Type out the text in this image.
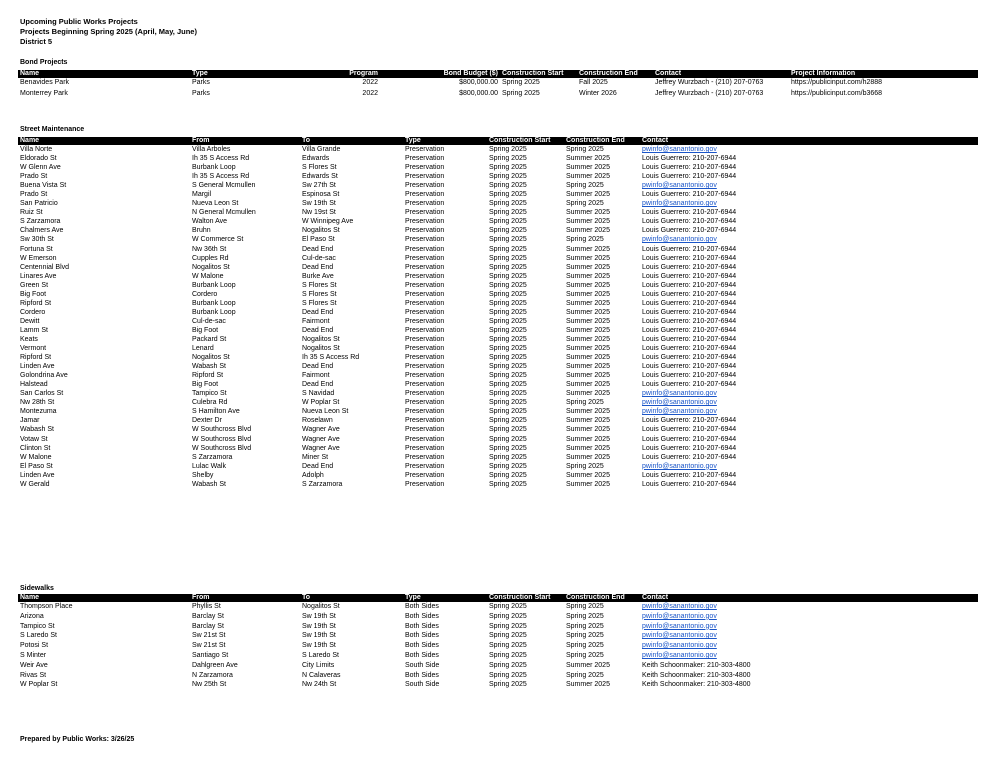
Upcoming Public Works Projects
Projects Beginning Spring 2025 (April, May, June)
District 5
Bond Projects
Name	Type	Program	Bond Budget ($)	Construction Start	Construction End	Contact	Project Information
Benavides Park	Parks	2022	$800,000.00	Spring 2025	Fall 2025	Jeffrey Wurzbach - (210) 207-0763	https://publicinput.com/h2888
Monterrey Park	Parks	2022	$800,000.00	Spring 2025	Winter 2026	Jeffrey Wurzbach - (210) 207-0763	https://publicinput.com/b3668
Street Maintenance
Name	From	To	Type	Construction Start	Construction End	Contact
Villa Norte	Villa Arboles	Villa Grande	Preservation	Spring 2025	Spring 2025	pwinfo@sanantonio.gov
Eldorado St	Ih 35 S Access Rd	Edwards	Preservation	Spring 2025	Summer 2025	Louis Guerrero: 210-207-6944
W Glenn Ave	Burbank Loop	S Flores St	Preservation	Spring 2025	Summer 2025	Louis Guerrero: 210-207-6944
Prado St	Ih 35 S Access Rd	Edwards St	Preservation	Spring 2025	Summer 2025	Louis Guerrero: 210-207-6944
Buena Vista St	S General Mcmullen	Sw 27th St	Preservation	Spring 2025	Spring 2025	pwinfo@sanantonio.gov
Prado St	Margil	Espinosa St	Preservation	Spring 2025	Summer 2025	Louis Guerrero: 210-207-6944
San Patricio	Nueva Leon St	Sw 19th St	Preservation	Spring 2025	Spring 2025	pwinfo@sanantonio.gov
Ruiz St	N General Mcmullen	Nw 19st St	Preservation	Spring 2025	Summer 2025	Louis Guerrero: 210-207-6944
S Zarzamora	Walton Ave	W Winnipeg Ave	Preservation	Spring 2025	Summer 2025	Louis Guerrero: 210-207-6944
Chalmers Ave	Bruhn	Nogalitos St	Preservation	Spring 2025	Summer 2025	Louis Guerrero: 210-207-6944
Sw 30th St	W Commerce St	El Paso St	Preservation	Spring 2025	Spring 2025	pwinfo@sanantonio.gov
Fortuna St	Nw 36th St	Dead End	Preservation	Spring 2025	Summer 2025	Louis Guerrero: 210-207-6944
W Emerson	Cupples Rd	Cul-de-sac	Preservation	Spring 2025	Summer 2025	Louis Guerrero: 210-207-6944
Centennial Blvd	Nogalitos St	Dead End	Preservation	Spring 2025	Summer 2025	Louis Guerrero: 210-207-6944
Linares Ave	W Malone	Burke Ave	Preservation	Spring 2025	Summer 2025	Louis Guerrero: 210-207-6944
Green St	Burbank Loop	S Flores St	Preservation	Spring 2025	Summer 2025	Louis Guerrero: 210-207-6944
Big Foot	Cordero	S Flores St	Preservation	Spring 2025	Summer 2025	Louis Guerrero: 210-207-6944
Ripford St	Burbank Loop	S Flores St	Preservation	Spring 2025	Summer 2025	Louis Guerrero: 210-207-6944
Cordero	Burbank Loop	Dead End	Preservation	Spring 2025	Summer 2025	Louis Guerrero: 210-207-6944
Dewitt	Cul-de-sac	Fairmont	Preservation	Spring 2025	Summer 2025	Louis Guerrero: 210-207-6944
Lamm St	Big Foot	Dead End	Preservation	Spring 2025	Summer 2025	Louis Guerrero: 210-207-6944
Keats	Packard St	Nogalitos St	Preservation	Spring 2025	Summer 2025	Louis Guerrero: 210-207-6944
Vermont	Lenard	Nogalitos St	Preservation	Spring 2025	Summer 2025	Louis Guerrero: 210-207-6944
Ripford St	Nogalitos St	Ih 35 S Access Rd	Preservation	Spring 2025	Summer 2025	Louis Guerrero: 210-207-6944
Linden Ave	Wabash St	Dead End	Preservation	Spring 2025	Summer 2025	Louis Guerrero: 210-207-6944
Golondrina Ave	Ripford St	Fairmont	Preservation	Spring 2025	Summer 2025	Louis Guerrero: 210-207-6944
Halstead	Big Foot	Dead End	Preservation	Spring 2025	Summer 2025	Louis Guerrero: 210-207-6944
San Carlos St	Tampico St	S Navidad	Preservation	Spring 2025	Summer 2025	pwinfo@sanantonio.gov
Nw 28th St	Culebra Rd	W Poplar St	Preservation	Spring 2025	Spring 2025	pwinfo@sanantonio.gov
Montezuma	S Hamilton Ave	Nueva Leon St	Preservation	Spring 2025	Summer 2025	pwinfo@sanantonio.gov
Jamar	Dexter Dr	Roselawn	Preservation	Spring 2025	Summer 2025	Louis Guerrero: 210-207-6944
Wabash St	W Southcross Blvd	Wagner Ave	Preservation	Spring 2025	Summer 2025	Louis Guerrero: 210-207-6944
Votaw St	W Southcross Blvd	Wagner Ave	Preservation	Spring 2025	Summer 2025	Louis Guerrero: 210-207-6944
Clinton St	W Southcross Blvd	Wagner Ave	Preservation	Spring 2025	Summer 2025	Louis Guerrero: 210-207-6944
W Malone	S Zarzamora	Miner St	Preservation	Spring 2025	Summer 2025	Louis Guerrero: 210-207-6944
El Paso St	Lulac Walk	Dead End	Preservation	Spring 2025	Spring 2025	pwinfo@sanantonio.gov
Linden Ave	Shelby	Adolph	Preservation	Spring 2025	Summer 2025	Louis Guerrero: 210-207-6944
W Gerald	Wabash St	S Zarzamora	Preservation	Spring 2025	Summer 2025	Louis Guerrero: 210-207-6944
Sidewalks
Name	From	To	Type	Construction Start	Construction End	Contact
Thompson Place	Phyllis St	Nogalitos St	Both Sides	Spring 2025	Spring 2025	pwinfo@sanantonio.gov
Arizona	Barclay St	Sw 19th St	Both Sides	Spring 2025	Spring 2025	pwinfo@sanantonio.gov
Tampico St	Barclay St	Sw 19th St	Both Sides	Spring 2025	Spring 2025	pwinfo@sanantonio.gov
S Laredo St	Sw 21st St	Sw 19th St	Both Sides	Spring 2025	Spring 2025	pwinfo@sanantonio.gov
Potosi St	Sw 21st St	Sw 19th St	Both Sides	Spring 2025	Spring 2025	pwinfo@sanantonio.gov
S Minter	Santiago St	S Laredo St	Both Sides	Spring 2025	Spring 2025	pwinfo@sanantonio.gov
Weir Ave	Dahlgreen Ave	City Limits	South Side	Spring 2025	Summer 2025	Keith Schoonmaker: 210-303-4800
Rivas St	N Zarzamora	N Calaveras	Both Sides	Spring 2025	Spring 2025	Keith Schoonmaker: 210-303-4800
W Poplar St	Nw 25th St	Nw 24th St	South Side	Spring 2025	Summer 2025	Keith Schoonmaker: 210-303-4800
Prepared by Public Works: 3/26/25
